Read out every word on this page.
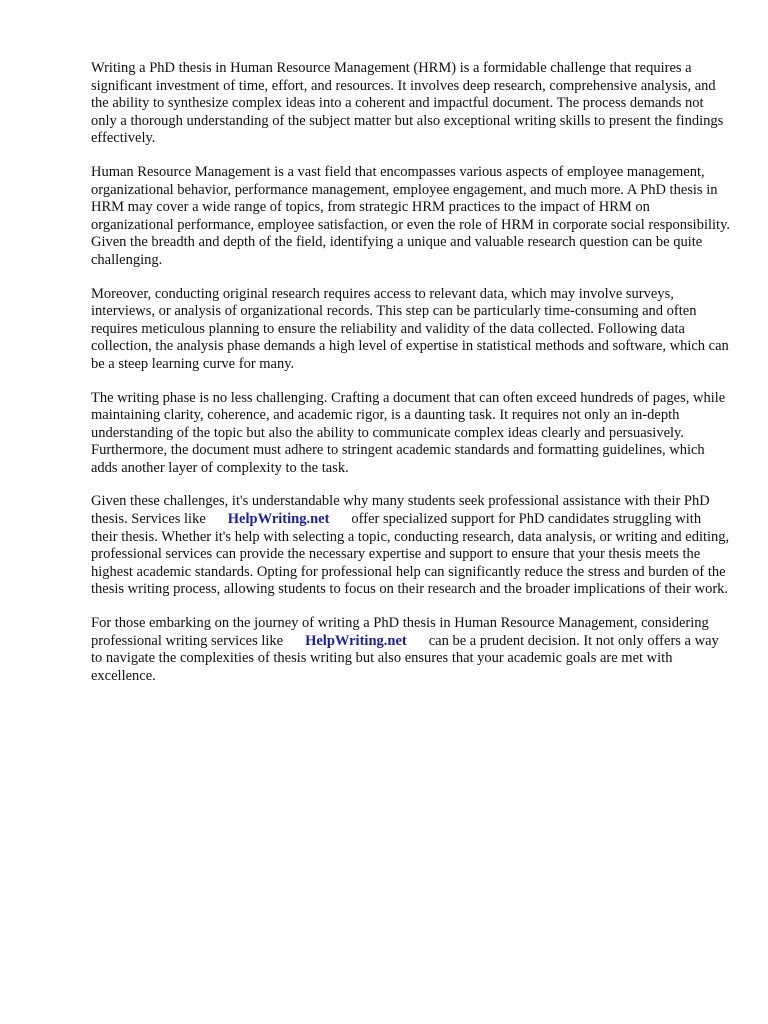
Writing a PhD thesis in Human Resource Management (HRM) is a formidable challenge that requires a significant investment of time, effort, and resources. It involves deep research, comprehensive analysis, and the ability to synthesize complex ideas into a coherent and impactful document. The process demands not only a thorough understanding of the subject matter but also exceptional writing skills to present the findings effectively.

Human Resource Management is a vast field that encompasses various aspects of employee management, organizational behavior, performance management, employee engagement, and much more. A PhD thesis in HRM may cover a wide range of topics, from strategic HRM practices to the impact of HRM on organizational performance, employee satisfaction, or even the role of HRM in corporate social responsibility. Given the breadth and depth of the field, identifying a unique and valuable research question can be quite challenging.

Moreover, conducting original research requires access to relevant data, which may involve surveys, interviews, or analysis of organizational records. This step can be particularly time-consuming and often requires meticulous planning to ensure the reliability and validity of the data collected. Following data collection, the analysis phase demands a high level of expertise in statistical methods and software, which can be a steep learning curve for many.

The writing phase is no less challenging. Crafting a document that can often exceed hundreds of pages, while maintaining clarity, coherence, and academic rigor, is a daunting task. It requires not only an in-depth understanding of the topic but also the ability to communicate complex ideas clearly and persuasively. Furthermore, the document must adhere to stringent academic standards and formatting guidelines, which adds another layer of complexity to the task.

Given these challenges, it's understandable why many students seek professional assistance with their PhD thesis. Services like HelpWriting.net offer specialized support for PhD candidates struggling with their thesis. Whether it's help with selecting a topic, conducting research, data analysis, or writing and editing, professional services can provide the necessary expertise and support to ensure that your thesis meets the highest academic standards. Opting for professional help can significantly reduce the stress and burden of the thesis writing process, allowing students to focus on their research and the broader implications of their work.

For those embarking on the journey of writing a PhD thesis in Human Resource Management, considering professional writing services like HelpWriting.net can be a prudent decision. It not only offers a way to navigate the complexities of thesis writing but also ensures that your academic goals are met with excellence.
